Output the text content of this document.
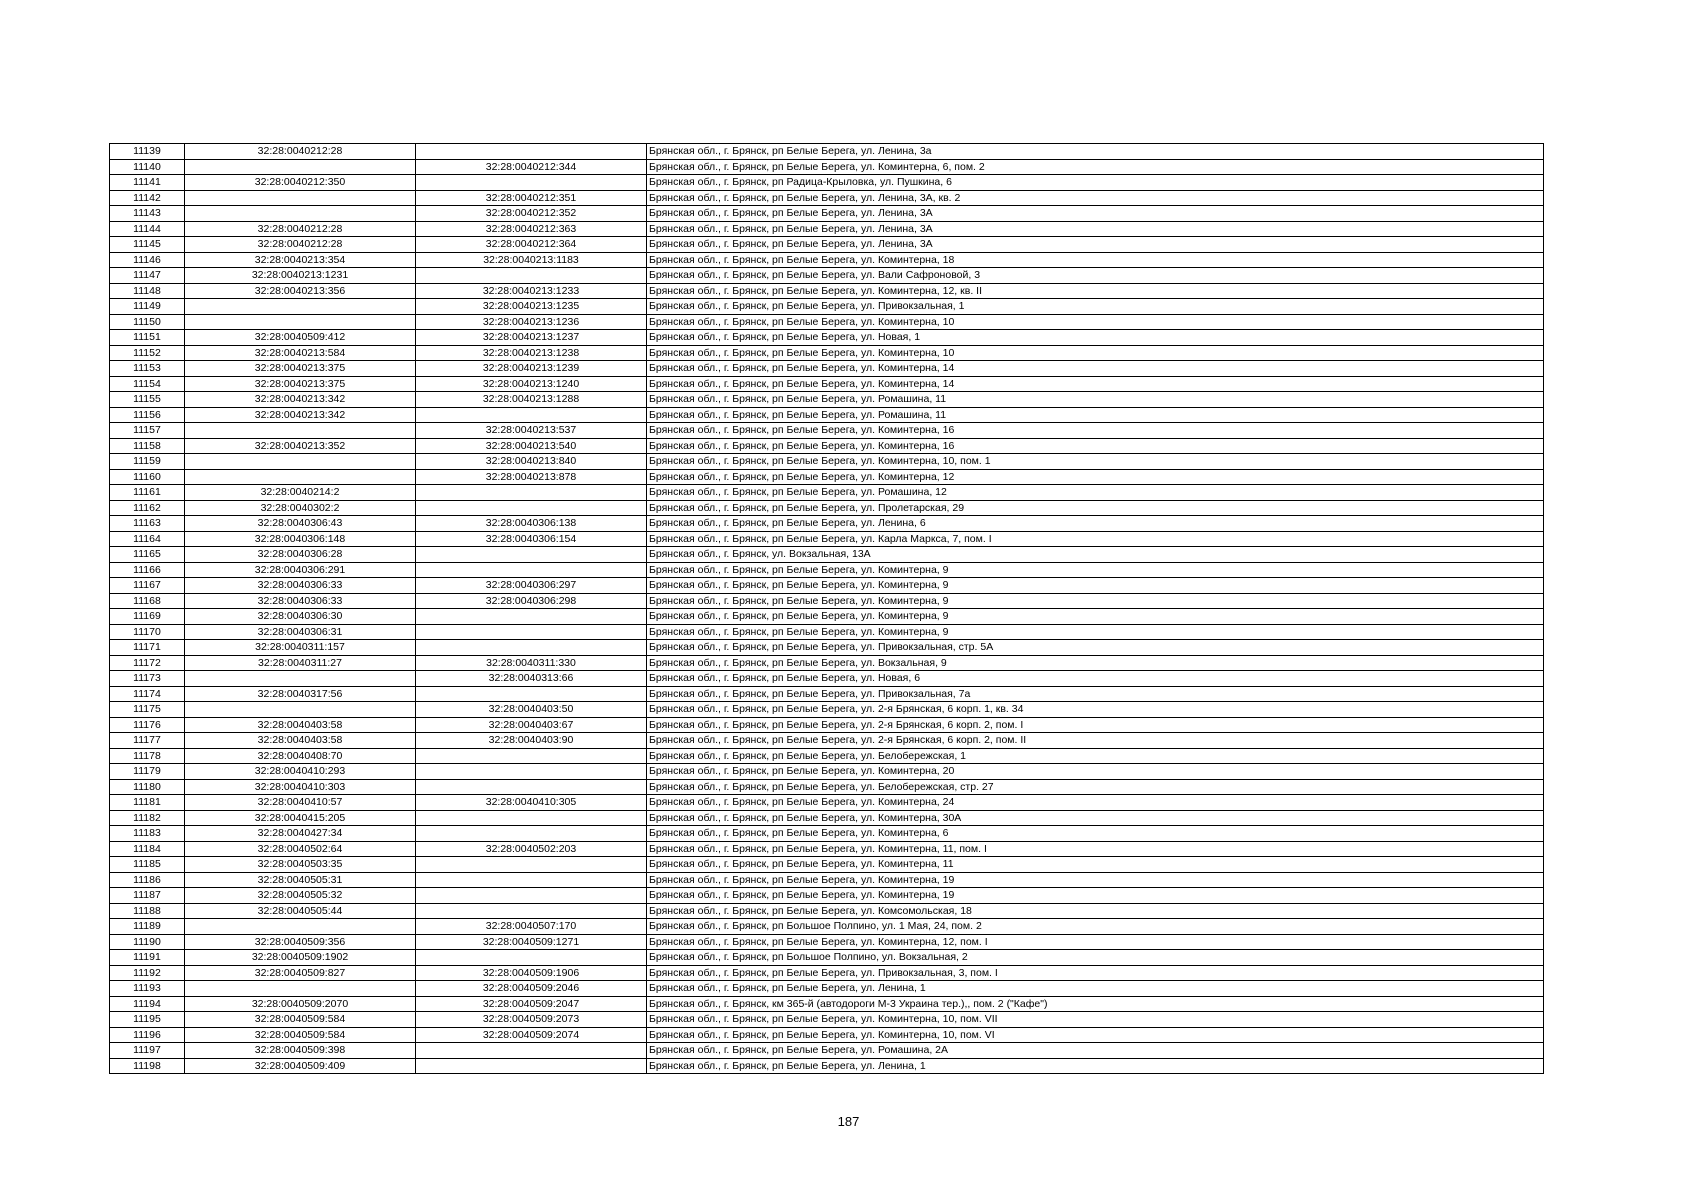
11139	32:28:0040212:28		Брянская обл., г. Брянск, рп Белые Берега, ул. Ленина, 3а
11140		32:28:0040212:344	Брянская обл., г. Брянск, рп Белые Берега, ул. Коминтерна, 6, пом. 2
11141	32:28:0040212:350		Брянская обл., г. Брянск, рп Радица-Крыловка, ул. Пушкина, 6
11142		32:28:0040212:351	Брянская обл., г. Брянск, рп Белые Берега, ул. Ленина, 3А, кв. 2
11143		32:28:0040212:352	Брянская обл., г. Брянск, рп Белые Берега, ул. Ленина, 3А
11144	32:28:0040212:28	32:28:0040212:363	Брянская обл., г. Брянск, рп Белые Берега, ул. Ленина, 3А
11145	32:28:0040212:28	32:28:0040212:364	Брянская обл., г. Брянск, рп Белые Берега, ул. Ленина, 3А
11146	32:28:0040213:354	32:28:0040213:1183	Брянская обл., г. Брянск, рп Белые Берега, ул. Коминтерна, 18
11147	32:28:0040213:1231		Брянская обл., г. Брянск, рп Белые Берега, ул. Вали Сафроновой, 3
11148	32:28:0040213:356	32:28:0040213:1233	Брянская обл., г. Брянск, рп Белые Берега, ул. Коминтерна, 12, кв. II
11149		32:28:0040213:1235	Брянская обл., г. Брянск, рп Белые Берега, ул. Привокзальная, 1
11150		32:28:0040213:1236	Брянская обл., г. Брянск, рп Белые Берега, ул. Коминтерна, 10
11151	32:28:0040509:412	32:28:0040213:1237	Брянская обл., г. Брянск, рп Белые Берега, ул. Новая, 1
11152	32:28:0040213:584	32:28:0040213:1238	Брянская обл., г. Брянск, рп Белые Берега, ул. Коминтерна, 10
11153	32:28:0040213:375	32:28:0040213:1239	Брянская обл., г. Брянск, рп Белые Берега, ул. Коминтерна, 14
11154	32:28:0040213:375	32:28:0040213:1240	Брянская обл., г. Брянск, рп Белые Берега, ул. Коминтерна, 14
11155	32:28:0040213:342	32:28:0040213:1288	Брянская обл., г. Брянск, рп Белые Берега, ул. Ромашина, 11
11156	32:28:0040213:342		Брянская обл., г. Брянск, рп Белые Берега, ул. Ромашина, 11
11157		32:28:0040213:537	Брянская обл., г. Брянск, рп Белые Берега, ул. Коминтерна, 16
11158	32:28:0040213:352	32:28:0040213:540	Брянская обл., г. Брянск, рп Белые Берега, ул. Коминтерна, 16
11159		32:28:0040213:840	Брянская обл., г. Брянск, рп Белые Берега, ул. Коминтерна, 10, пом. 1
11160		32:28:0040213:878	Брянская обл., г. Брянск, рп Белые Берега, ул. Коминтерна, 12
11161	32:28:0040214:2		Брянская обл., г. Брянск, рп Белые Берега, ул. Ромашина, 12
11162	32:28:0040302:2		Брянская обл., г. Брянск, рп Белые Берега, ул. Пролетарская, 29
11163	32:28:0040306:43	32:28:0040306:138	Брянская обл., г. Брянск, рп Белые Берега, ул. Ленина, 6
11164	32:28:0040306:148	32:28:0040306:154	Брянская обл., г. Брянск, рп Белые Берега, ул. Карла Маркса, 7, пом. I
11165	32:28:0040306:28		Брянская обл., г. Брянск, ул. Вокзальная, 13А
11166	32:28:0040306:291		Брянская обл., г. Брянск, рп Белые Берега, ул. Коминтерна, 9
11167	32:28:0040306:33	32:28:0040306:297	Брянская обл., г. Брянск, рп Белые Берега, ул. Коминтерна, 9
11168	32:28:0040306:33	32:28:0040306:298	Брянская обл., г. Брянск, рп Белые Берега, ул. Коминтерна, 9
11169	32:28:0040306:30		Брянская обл., г. Брянск, рп Белые Берега, ул. Коминтерна, 9
11170	32:28:0040306:31		Брянская обл., г. Брянск, рп Белые Берега, ул. Коминтерна, 9
11171	32:28:0040311:157		Брянская обл., г. Брянск, рп Белые Берега, ул. Привокзальная, стр. 5А
11172	32:28:0040311:27	32:28:0040311:330	Брянская обл., г. Брянск, рп Белые Берега, ул. Вокзальная, 9
11173		32:28:0040313:66	Брянская обл., г. Брянск, рп Белые Берега, ул. Новая, 6
11174	32:28:0040317:56		Брянская обл., г. Брянск, рп Белые Берега, ул. Привокзальная, 7а
11175		32:28:0040403:50	Брянская обл., г. Брянск, рп Белые Берега, ул. 2-я Брянская, 6 корп. 1, кв. 34
11176	32:28:0040403:58	32:28:0040403:67	Брянская обл., г. Брянск, рп Белые Берега, ул. 2-я Брянская, 6 корп. 2, пом. I
11177	32:28:0040403:58	32:28:0040403:90	Брянская обл., г. Брянск, рп Белые Берега, ул. 2-я Брянская, 6 корп. 2, пом. II
11178	32:28:0040408:70		Брянская обл., г. Брянск, рп Белые Берега, ул. Белобережская, 1
11179	32:28:0040410:293		Брянская обл., г. Брянск, рп Белые Берега, ул. Коминтерна, 20
11180	32:28:0040410:303		Брянская обл., г. Брянск, рп Белые Берега, ул. Белобережская, стр. 27
11181	32:28:0040410:57	32:28:0040410:305	Брянская обл., г. Брянск, рп Белые Берега, ул. Коминтерна, 24
11182	32:28:0040415:205		Брянская обл., г. Брянск, рп Белые Берега, ул. Коминтерна, 30А
11183	32:28:0040427:34		Брянская обл., г. Брянск, рп Белые Берега, ул. Коминтерна, 6
11184	32:28:0040502:64	32:28:0040502:203	Брянская обл., г. Брянск, рп Белые Берега, ул. Коминтерна, 11, пом. I
11185	32:28:0040503:35		Брянская обл., г. Брянск, рп Белые Берега, ул. Коминтерна, 11
11186	32:28:0040505:31		Брянская обл., г. Брянск, рп Белые Берега, ул. Коминтерна, 19
11187	32:28:0040505:32		Брянская обл., г. Брянск, рп Белые Берега, ул. Коминтерна, 19
11188	32:28:0040505:44		Брянская обл., г. Брянск, рп Белые Берега, ул. Комсомольская, 18
11189		32:28:0040507:170	Брянская обл., г. Брянск, рп Большое Полпино, ул. 1 Мая, 24, пом. 2
11190	32:28:0040509:356	32:28:0040509:1271	Брянская обл., г. Брянск, рп Белые Берега, ул. Коминтерна, 12, пом. I
11191	32:28:0040509:1902		Брянская обл., г. Брянск, рп Большое Полпино, ул. Вокзальная, 2
11192	32:28:0040509:827	32:28:0040509:1906	Брянская обл., г. Брянск, рп Белые Берега, ул. Привокзальная, 3, пом. I
11193		32:28:0040509:2046	Брянская обл., г. Брянск, рп Белые Берега, ул. Ленина, 1
11194	32:28:0040509:2070	32:28:0040509:2047	Брянская обл., г. Брянск, км 365-й (автодороги М-3 Украина тер.),, пом. 2 ("Кафе")
11195	32:28:0040509:584	32:28:0040509:2073	Брянская обл., г. Брянск, рп Белые Берега, ул. Коминтерна, 10, пом. VII
11196	32:28:0040509:584	32:28:0040509:2074	Брянская обл., г. Брянск, рп Белые Берега, ул. Коминтерна, 10, пом. VI
11197	32:28:0040509:398		Брянская обл., г. Брянск, рп Белые Берега, ул. Ромашина, 2А
11198	32:28:0040509:409		Брянская обл., г. Брянск, рп Белые Берега, ул. Ленина, 1
187
